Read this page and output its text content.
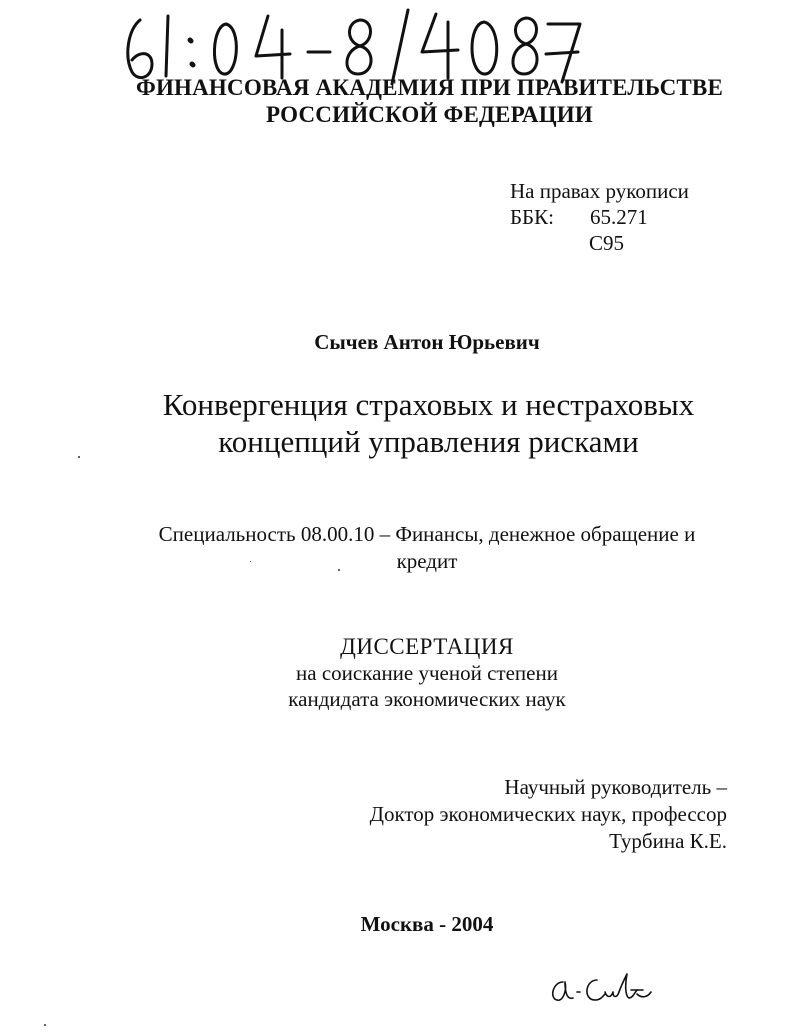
ФИНАНСОВАЯ АКАДЕМИЯ ПРИ ПРАВИТЕЛЬСТВЕ
РОССИЙСКОЙ ФЕДЕРАЦИИ
На правах рукописи
ББК: 65.271
С95
Сычев Антон Юрьевич
Конвергенция страховых и нестраховых
концепций управления рисками
Специальность 08.00.10 – Финансы, денежное обращение и
кредит
ДИССЕРТАЦИЯ
на соискание ученой степени
кандидата экономических наук
Научный руководитель –
Доктор экономических наук, профессор
Турбина К.Е.
Москва - 2004
